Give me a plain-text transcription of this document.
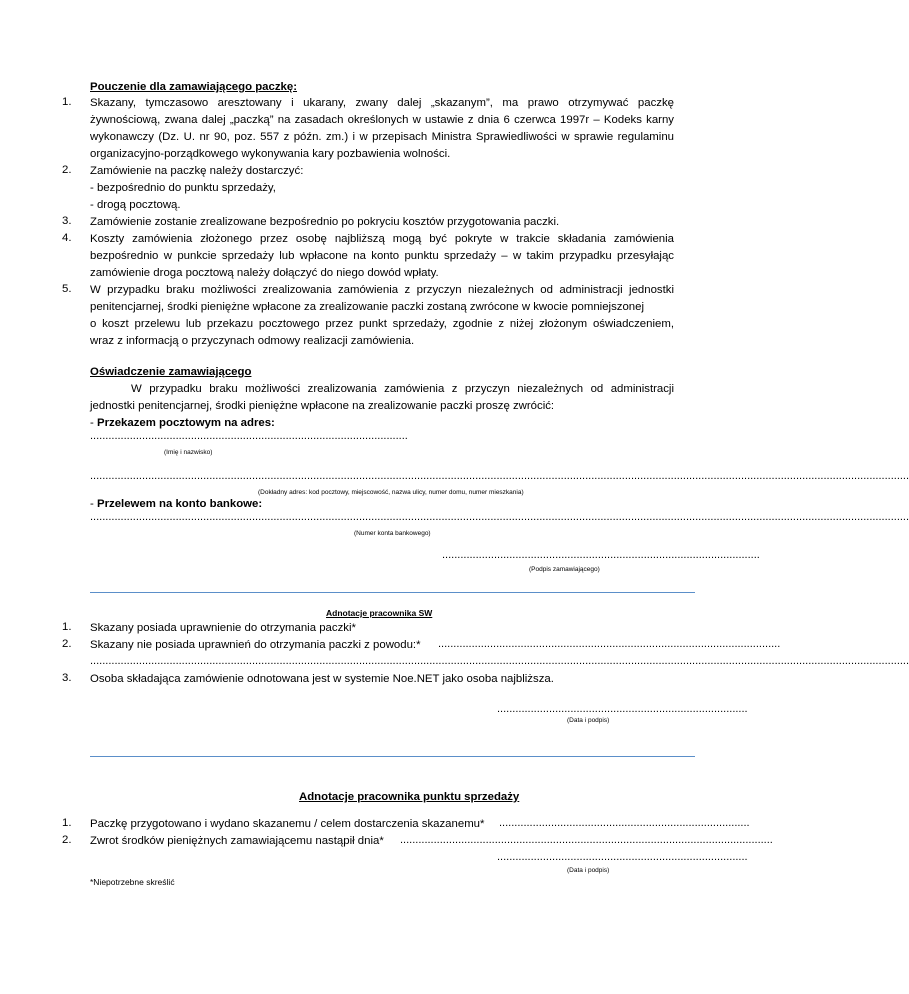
Pouczenie dla zamawiającego paczkę:
1. Skazany, tymczasowo aresztowany i ukarany, zwany dalej „skazanym”, ma prawo otrzymywać paczkę
żywnościową, zwana dalej „paczką” na zasadach określonych w ustawie z dnia 6 czerwca 1997r – Kodeks karny
wykonawczy (Dz. U. nr 90, poz. 557 z późn. zm.) i w przepisach Ministra Sprawiedliwości w sprawie regulaminu
organizacyjno-porządkowego wykonywania kary pozbawienia wolności.
2. Zamówienie na paczkę należy dostarczyć:
- bezpośrednio do punktu sprzedaży,
- drogą pocztową.
3. Zamówienie zostanie zrealizowane bezpośrednio po pokryciu kosztów przygotowania paczki.
4. Koszty zamówienia złożonego przez osobę najbliższą mogą być pokryte w trakcie składania zamówienia
bezpośrednio w punkcie sprzedaży lub wpłacone na konto punktu sprzedaży – w takim przypadku przesyłając
zamówienie droga pocztową należy dołączyć do niego dowód wpłaty.
5. W przypadku braku możliwości zrealizowania zamówienia z przyczyn niezależnych od administracji jednostki
penitencjarnej, środki pieniężne wpłacone za zrealizowanie paczki zostaną zwrócone w kwocie pomniejszonej
o koszt przelewu lub przekazu pocztowego przez punkt sprzedaży, zgodnie z niżej złożonym oświadczeniem,
wraz z informacją o przyczynach odmowy realizacji zamówienia.
Oświadczenie zamawiającego
W przypadku braku możliwości zrealizowania zamówienia z przyczyn niezależnych od administracji
jednostki penitencjarnej, środki pieniężne wpłacone na zrealizowanie paczki proszę zwrócić:
- Przekazem pocztowym na adres:
........................................................................................................
(Imię i nazwisko)
............................................................................................................................................................................................................................................................................
(Dokładny adres: kod pocztowy, miejscowość, nazwa ulicy, numer domu, numer mieszkania)
- Przelewem na konto bankowe:
............................................................................................................................................................................................................................................................................
(Numer konta bankowego)
........................................................................................................
(Podpis zamawiającego)
Adnotacje pracownika SW
1. Skazany posiada uprawnienie do otrzymania paczki*
2. Skazany nie posiada uprawnień do otrzymania paczki z powodu:* ................................................................................................................
............................................................................................................................................................................................................................................................................
3. Osoba składająca zamówienie odnotowana jest w systemie Noe.NET jako osoba najbliższa.
..................................................................................
(Data i podpis)
Adnotacje pracownika punktu sprzedaży
1. Paczkę przygotowano i wydano skazanemu / celem dostarczenia skazanemu* ..................................................................................
2. Zwrot środków pieniężnych zamawiającemu nastąpił dnia* ..........................................................................................................................
..................................................................................
(Data i podpis)
*Niepotrzebne skreślić
